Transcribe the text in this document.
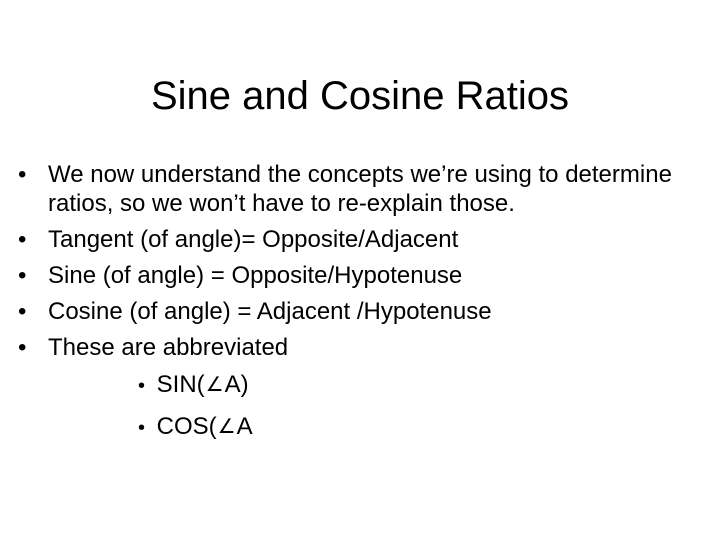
Sine and Cosine Ratios
• We now understand the concepts we’re using to determine ratios, so we won’t have to re-explain those.
• Tangent (of angle)= Opposite/Adjacent
• Sine (of angle) = Opposite/Hypotenuse
• Cosine (of angle) = Adjacent /Hypotenuse
• These are abbreviated
• SIN(∠A)
• COS(∠A
